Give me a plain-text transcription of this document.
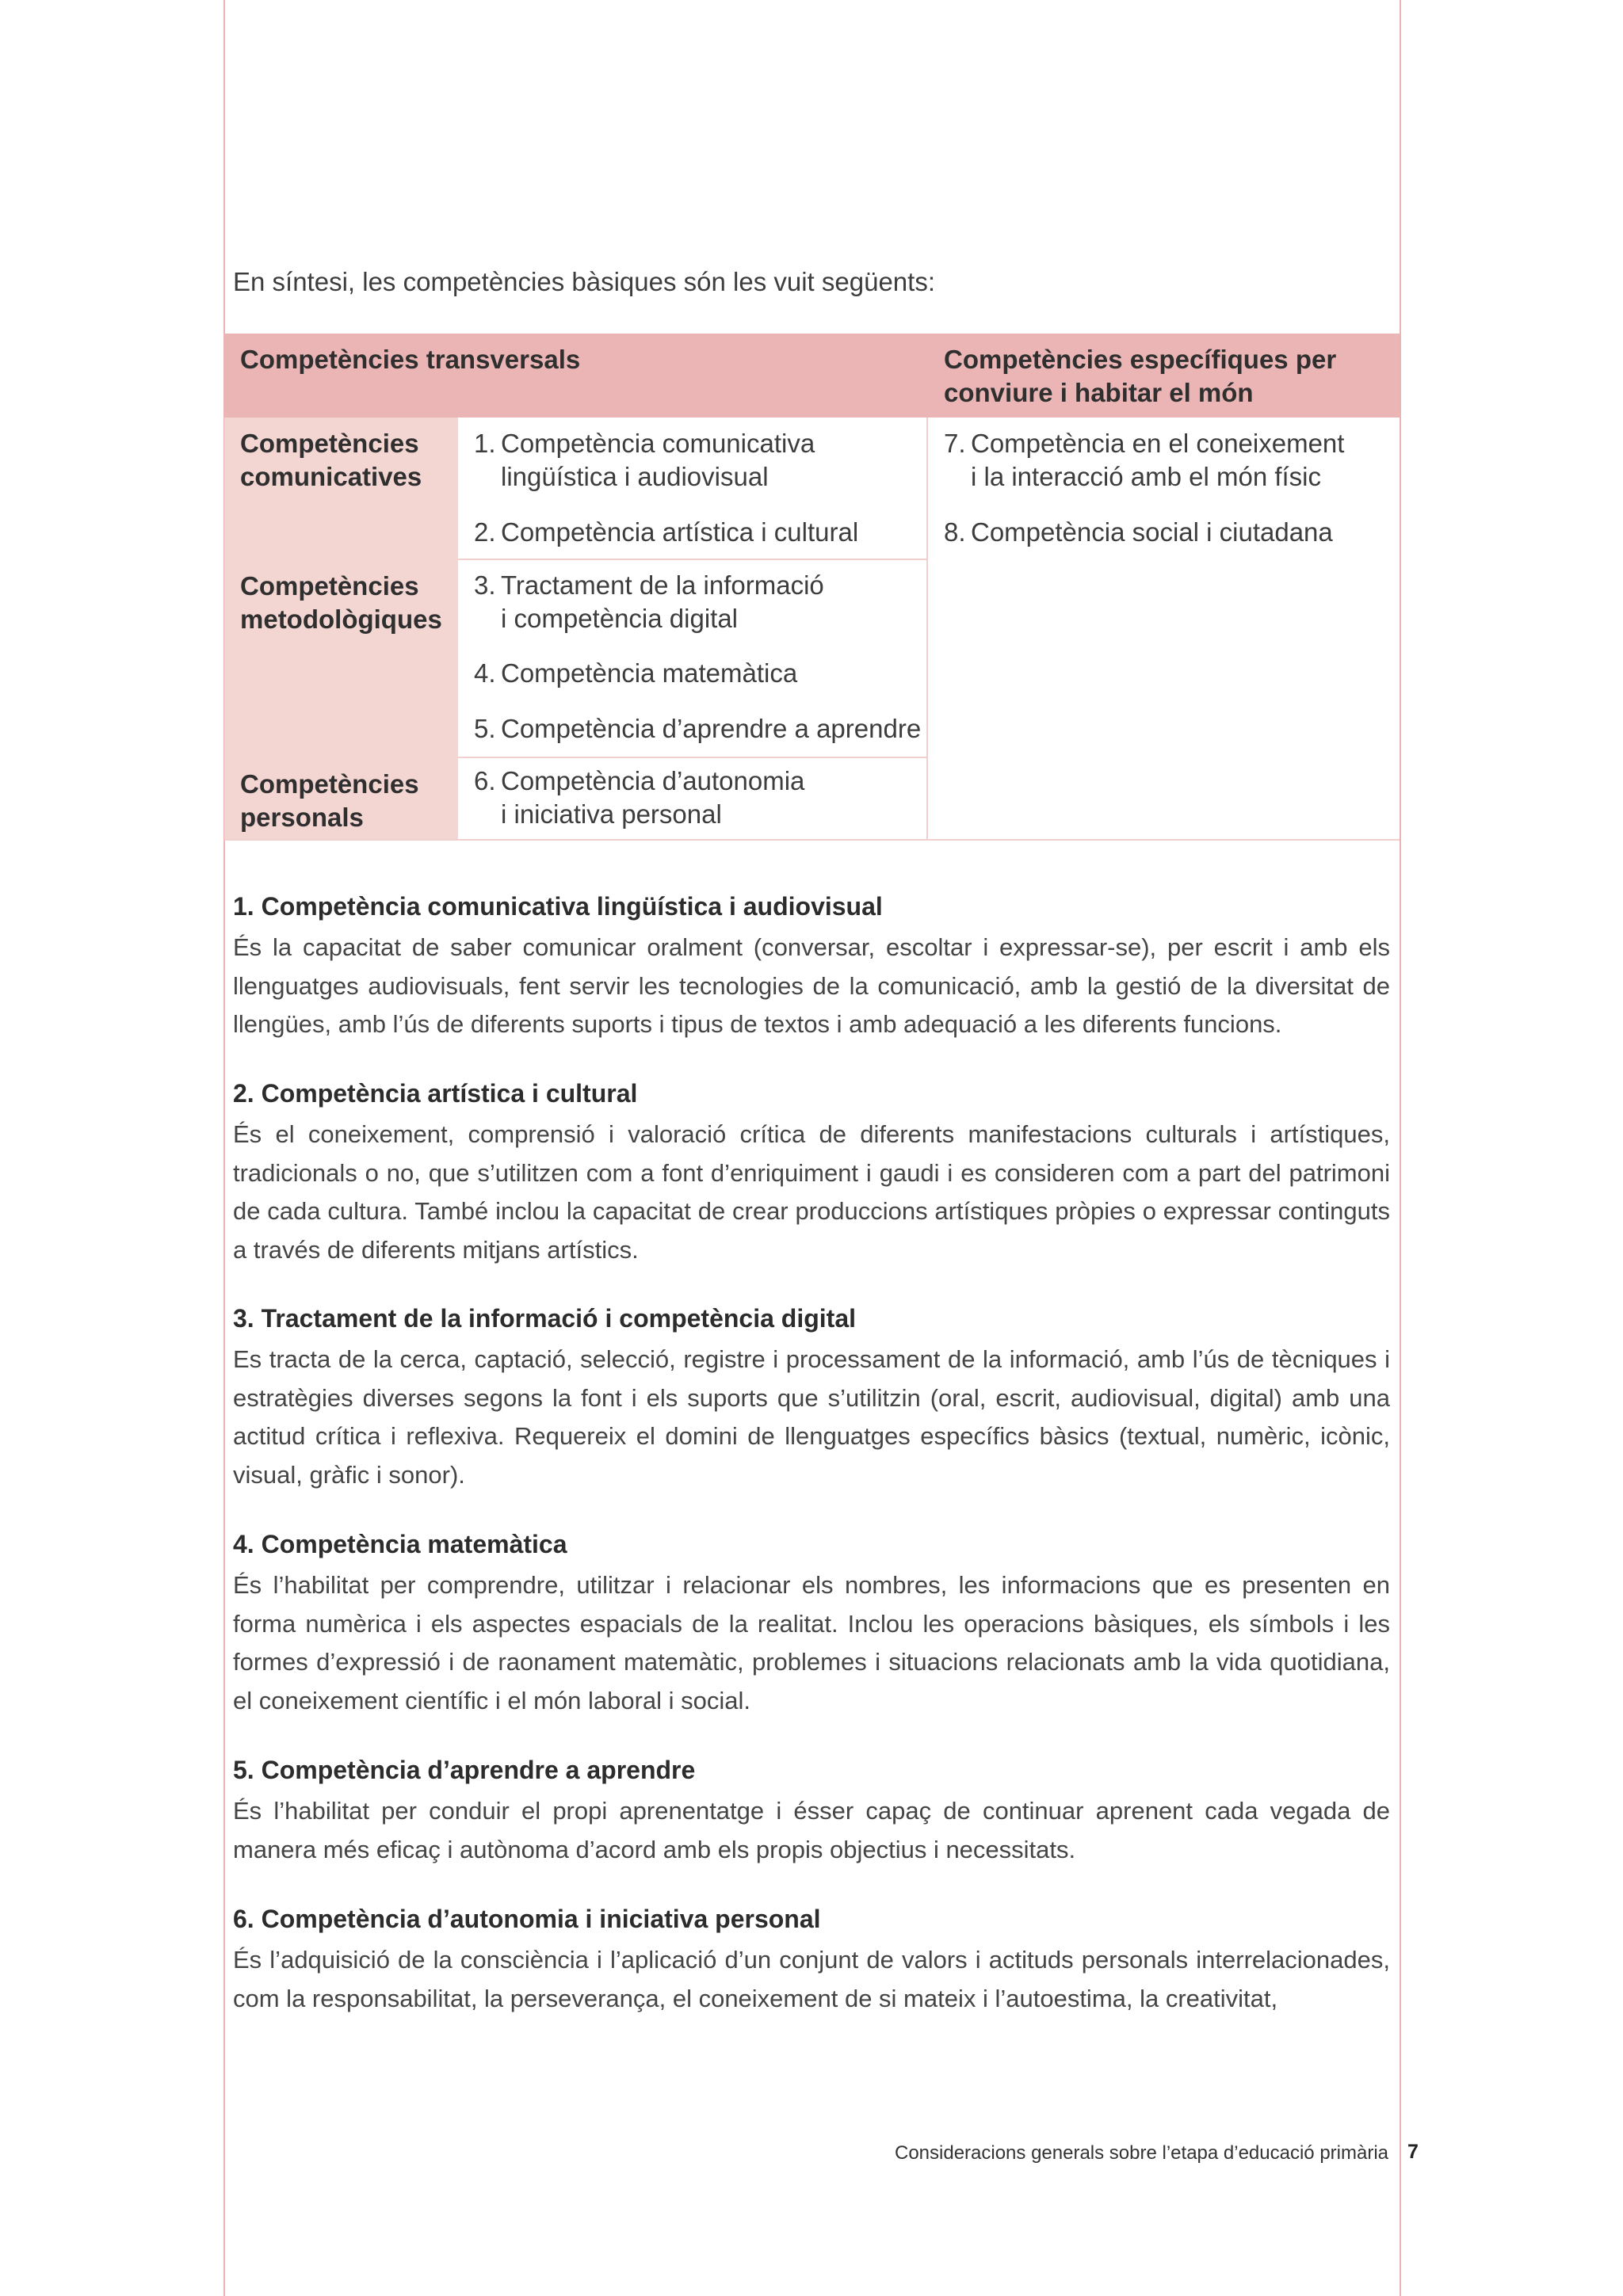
En síntesi, les competències bàsiques són les vuit següents:

Competències transversals	Competències específiques per
conviure i habitar el món
Competències
comunicatives
Competències
metodològiques
Competències
personals
1. Competència comunicativa
lingüística i audiovisual
2. Competència artística i cultural
3. Tractament de la informació
i competència digital
4. Competència matemàtica
5. Competència d’aprendre a aprendre
6. Competència d’autonomia
i iniciativa personal
7. Competència en el coneixement
i la interacció amb el món físic
8. Competència social i ciutadana
1. Competència comunicativa lingüística i audiovisual

És la capacitat de saber comunicar oralment (conversar, escoltar i expressar-se), per escrit i amb els llenguatges audiovisuals, fent servir les tecnologies de la comunicació, amb la gestió de la diversitat de llengües, amb l’ús de diferents suports i tipus de textos i amb adequació a les diferents funcions.

2. Competència artística i cultural

És el coneixement, comprensió i valoració crítica de diferents manifestacions culturals i artístiques, tradicionals o no, que s’utilitzen com a font d’enriquiment i gaudi i es consideren com a part del patrimoni de cada cultura. També inclou la capacitat de crear produccions artístiques pròpies o expressar continguts a través de diferents mitjans artístics.

3. Tractament de la informació i competència digital

Es tracta de la cerca, captació, selecció, registre i processament de la informació, amb l’ús de tècniques i estratègies diverses segons la font i els suports que s’utilitzin (oral, escrit, audiovisual, digital) amb una actitud crítica i reflexiva. Requereix el domini de llenguatges específics bàsics (textual, numèric, icònic, visual, gràfic i sonor).

4. Competència matemàtica

És l’habilitat per comprendre, utilitzar i relacionar els nombres, les informacions que es presenten en forma numèrica i els aspectes espacials de la realitat. Inclou les operacions bàsiques, els símbols i les formes d’expressió i de raonament matemàtic, problemes i situacions relacionats amb la vida quotidiana, el coneixement científic i el món laboral i social.

5. Competència d’aprendre a aprendre

És l’habilitat per conduir el propi aprenentatge i ésser capaç de continuar aprenent cada vegada de manera més eficaç i autònoma d’acord amb els propis objectius i necessitats.

6. Competència d’autonomia i iniciativa personal

És l’adquisició de la consciència i l’aplicació d’un conjunt de valors i actituds personals interrelacionades, com la responsabilitat, la perseverança, el coneixement de si mateix i l’autoestima, la creativitat,

Consideracions generals sobre l’etapa d’educació primària 7
